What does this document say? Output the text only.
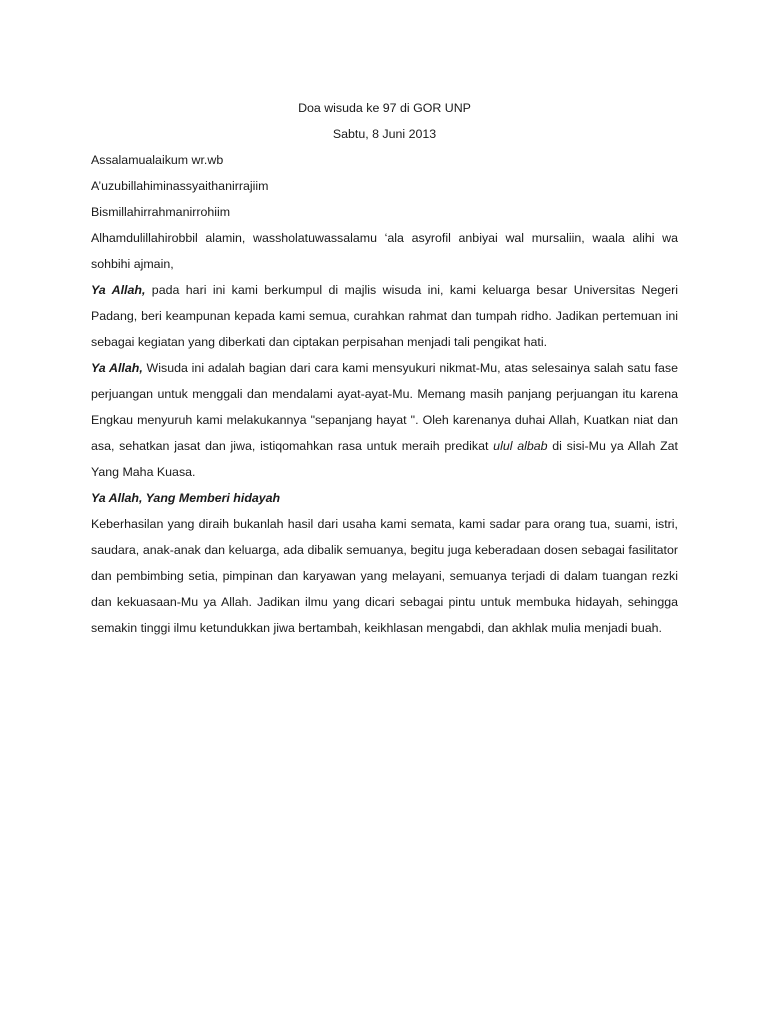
Doa wisuda ke 97 di GOR UNP

Sabtu, 8 Juni 2013

Assalamualaikum wr.wb

A’uzubillahiminassyaithanirrajiim

Bismillahirrahmanirrohiim

Alhamdulillahirobbil alamin, wassholatuwassalamu ‘ala asyrofil anbiyai wal mursaliin, waala alihi wa sohbihi ajmain,

Ya Allah, pada hari ini kami berkumpul di majlis wisuda ini, kami keluarga besar Universitas Negeri Padang, beri keampunan kepada kami semua, curahkan rahmat dan tumpah ridho. Jadikan pertemuan ini sebagai kegiatan yang diberkati dan ciptakan perpisahan menjadi tali pengikat hati.

Ya Allah, Wisuda ini adalah bagian dari cara kami mensyukuri nikmat-Mu, atas selesainya salah satu fase perjuangan untuk menggali dan mendalami ayat-ayat-Mu. Memang masih panjang perjuangan itu karena Engkau menyuruh kami melakukannya "sepanjang hayat ". Oleh karenanya duhai Allah, Kuatkan niat dan asa, sehatkan jasat dan jiwa, istiqomahkan rasa untuk meraih predikat ulul albab di sisi-Mu ya Allah Zat Yang Maha Kuasa.

Ya Allah, Yang Memberi hidayah

Keberhasilan yang diraih bukanlah hasil dari usaha kami semata, kami sadar para orang tua, suami, istri, saudara, anak-anak dan keluarga, ada dibalik semuanya, begitu juga keberadaan dosen sebagai fasilitator dan pembimbing setia, pimpinan dan karyawan yang melayani, semuanya terjadi di dalam tuangan rezki dan kekuasaan-Mu ya Allah. Jadikan ilmu yang dicari sebagai pintu untuk membuka hidayah, sehingga semakin tinggi ilmu ketundukkan jiwa bertambah, keikhlasan mengabdi, dan akhlak mulia menjadi buah.
